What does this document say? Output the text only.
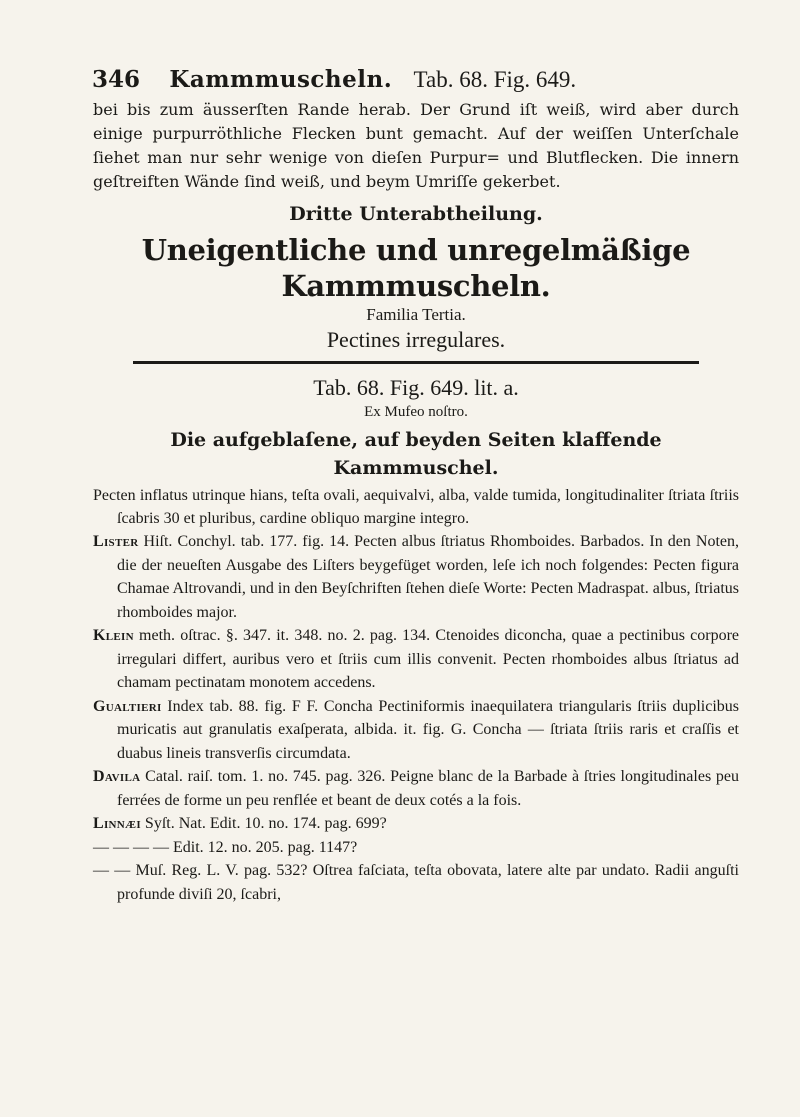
346 Kammmuscheln. Tab. 68. Fig. 649.

bei bis zum äusserſten Rande herab. Der Grund iſt weiß, wird aber durch einige purpurröthliche Flecken bunt gemacht. Auf der weiſſen Unterſchale ſiehet man nur sehr wenige von dieſen Purpur= und Blutflecken. Die innern geſtreiften Wände ſind weiß, und beym Umriſſe gekerbet.

Dritte Unterabtheilung.

Uneigentliche und unregelmäßige Kammmuscheln.

Familia Tertia.

Pectines irregulares.

Tab. 68. Fig. 649. lit. a.

Ex Mufeo noſtro.

Die aufgeblaſene, auf beyden Seiten klaffende Kammmuschel.

Pecten inflatus utrinque hians, teſta ovali, aequivalvi, alba, valde tumida, longitudinaliter ſtriata ſtriis ſcabris 30 et pluribus, cardine obliquo margine integro.

Lister Hiſt. Conchyl. tab. 177. fig. 14. Pecten albus ſtriatus Rhomboides. Barbados. In den Noten, die der neueſten Ausgabe des Liſters beygefüget worden, leſe ich noch folgendes: Pecten figura Chamae Altrovandi, und in den Beyſchriften ſtehen dieſe Worte: Pecten Madraspat. albus, ſtriatus rhomboides major.

Klein meth. oſtrac. §. 347. it. 348. no. 2. pag. 134. Ctenoides diconcha, quae a pectinibus corpore irregulari differt, auribus vero et ſtriis cum illis convenit. Pecten rhomboides albus ſtriatus ad chamam pectinatam monotem accedens.

Gualtieri Index tab. 88. fig. F F. Concha Pectiniformis inaequilatera triangularis ſtriis duplicibus muricatis aut granulatis exaſperata, albida. it. fig. G. Concha — ſtriata ſtriis raris et craſſis et duabus lineis transverſis circumdata.

Davila Catal. raiſ. tom. 1. no. 745. pag. 326. Peigne blanc de la Barbade à ſtries longitudinales peu ferrées de forme un peu renflée et beant de deux cotés a la fois.

Linnæi Syſt. Nat. Edit. 10. no. 174. pag. 699?

— — — — Edit. 12. no. 205. pag. 1147?

— — Muſ. Reg. L. V. pag. 532? Oſtrea faſciata, teſta obovata, latere alte par undato. Radii anguſti profunde diviſi 20, ſcabri,
